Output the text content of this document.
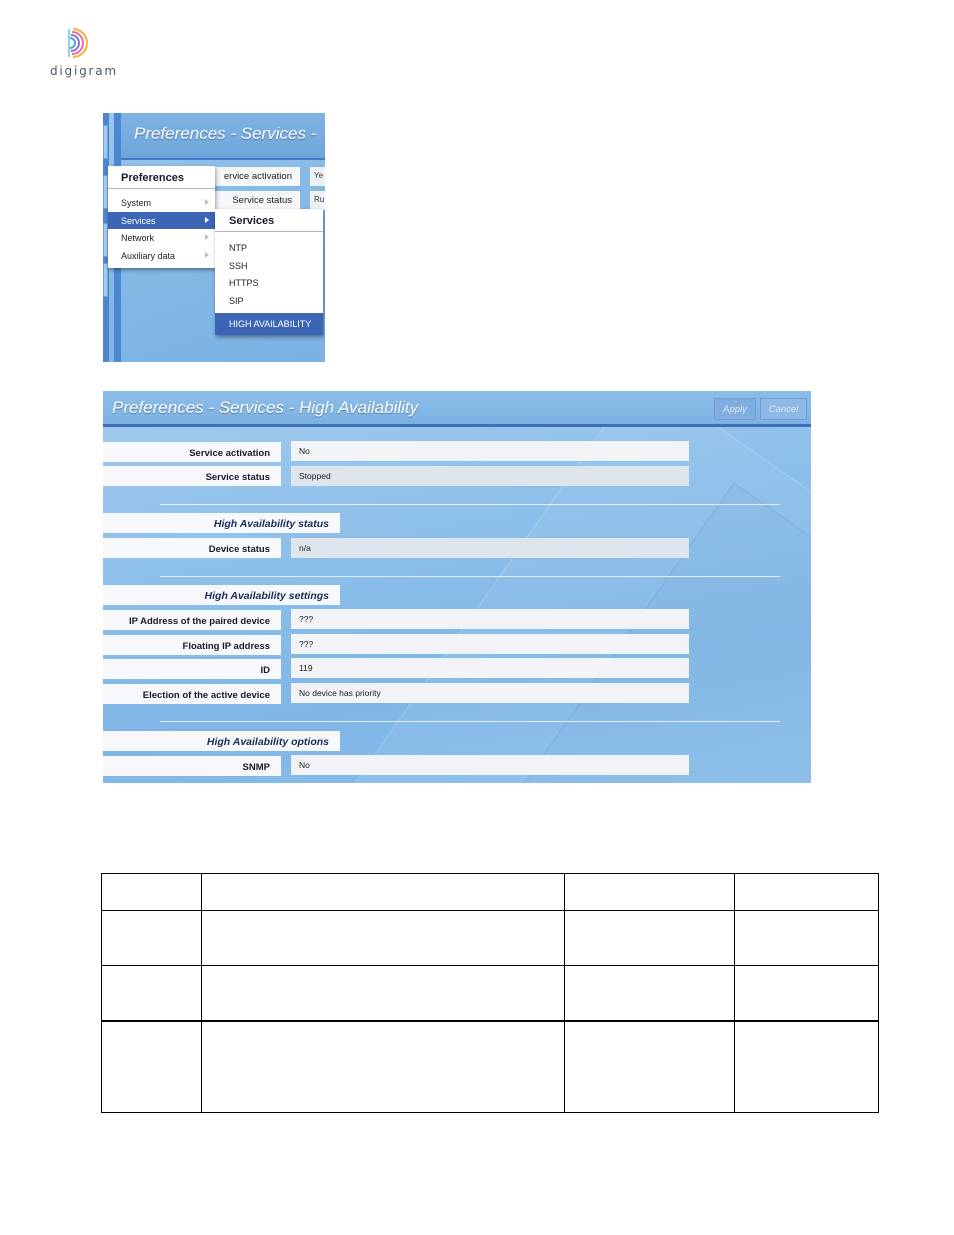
digigram
Preferences - Services -
ervice activation	Ye
Service status	Ru
Preferences
System
Services
Network
Auxiliary data
Services
NTP
SSH
HTTPS
SIP
HIGH AVAILABILITY
Preferences - Services - High Availability	Apply	Cancel
Service activation	No
Service status	Stopped
High Availability status
Device status	n/a
High Availability settings
IP Address of the paired device	???
Floating IP address	???
ID	119
Election of the active device	No device has priority
High Availability options
SNMP	No
